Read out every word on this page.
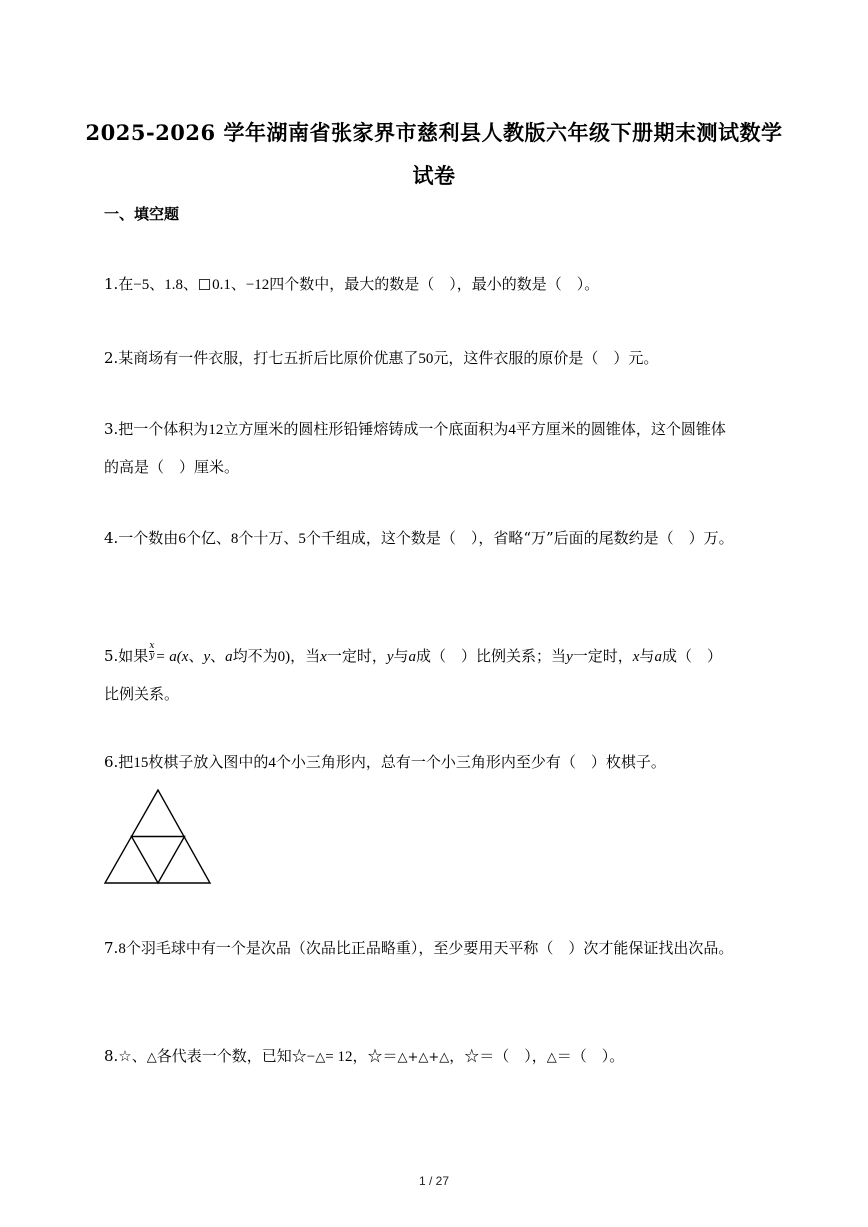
2025-2026 学年湖南省张家界市慈利县人教版六年级下册期末测试数学
试卷
一、填空题
1.在−5、1.8、 0.1、−12四个数中，最大的数是（　），最小的数是（　）。
2.某商场有一件衣服，打七五折后比原价优惠了50元，这件衣服的原价是（　）元。
3.把一个体积为12立方厘米的圆柱形铅锤熔铸成一个底面积为4平方厘米的圆锥体，这个圆锥体
的高是（　）厘米。
4.一个数由6个亿、8个十万、5个千组成，这个数是（　），省略“万”后面的尾数约是（　）万。
5.如果 $\frac{x}{y} = a(x$、y、a均不为0)，当x一定时，y与a成（　）比例关系；当y一定时，x与a成（　）
比例关系。
6.把15枚棋子放入图中的4个小三角形内，总有一个小三角形内至少有（　）枚棋子。
7.8个羽毛球中有一个是次品（次品比正品略重），至少要用天平称（　）次才能保证找出次品。
8.☆、△各代表一个数，已知☆−△= 12，☆＝△+△+△，☆＝（　），△＝（　）。
1 / 27
